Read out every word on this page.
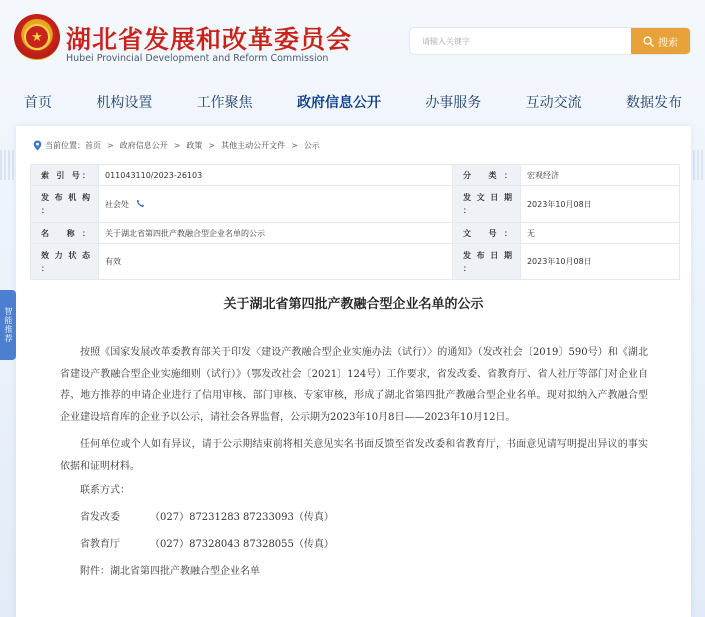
★ 湖北省发展和改革委员会
Hubei Provincial Development and Reform Commission
请输入关键字
搜索
首页	机构设置	工作聚焦	政府信息公开	办事服务	互动交流	数据发布
当前位置： 首页 > 政府信息公开 > 政策 > 其他主动公开文件 > 公示
索 引 号：	011043110/2023-26103	分 类：	宏观经济

发 布 机 构 ：	社会处	发 文 日 期 ：	2023年10月08日

名 称：	关于湖北省第四批产教融合型企业名单的公示	文 号：	无

效 力 状 态 ：	有效	发 布 日 期 ：	2023年10月08日
关于湖北省第四批产教融合型企业名单的公示

按照《国家发展改革委教育部关于印发〈建设产教融合型企业实施办法（试行）〉的通知》（发改社会〔2019〕590号）和《湖北省建设产教融合型企业实施细则（试行）》（鄂发改社会〔2021〕124号）工作要求，省发改委、省教育厅、省人社厅等部门对企业自荐、地方推荐的申请企业进行了信用审核、部门审核、专家审核，形成了湖北省第四批产教融合型企业名单。现对拟纳入产教融合型企业建设培育库的企业予以公示，请社会各界监督，公示期为2023年10月8日——2023年10月12日。

任何单位或个人如有异议，请于公示期结束前将相关意见实名书面反馈至省发改委和省教育厅，书面意见请写明提出异议的事实依据和证明材料。

联系方式：
省发改委	（027）87231283 87233093（传真）
省教育厅	（027）87328043 87328055（传真）
附件：湖北省第四批产教融合型企业名单
智能推荐
